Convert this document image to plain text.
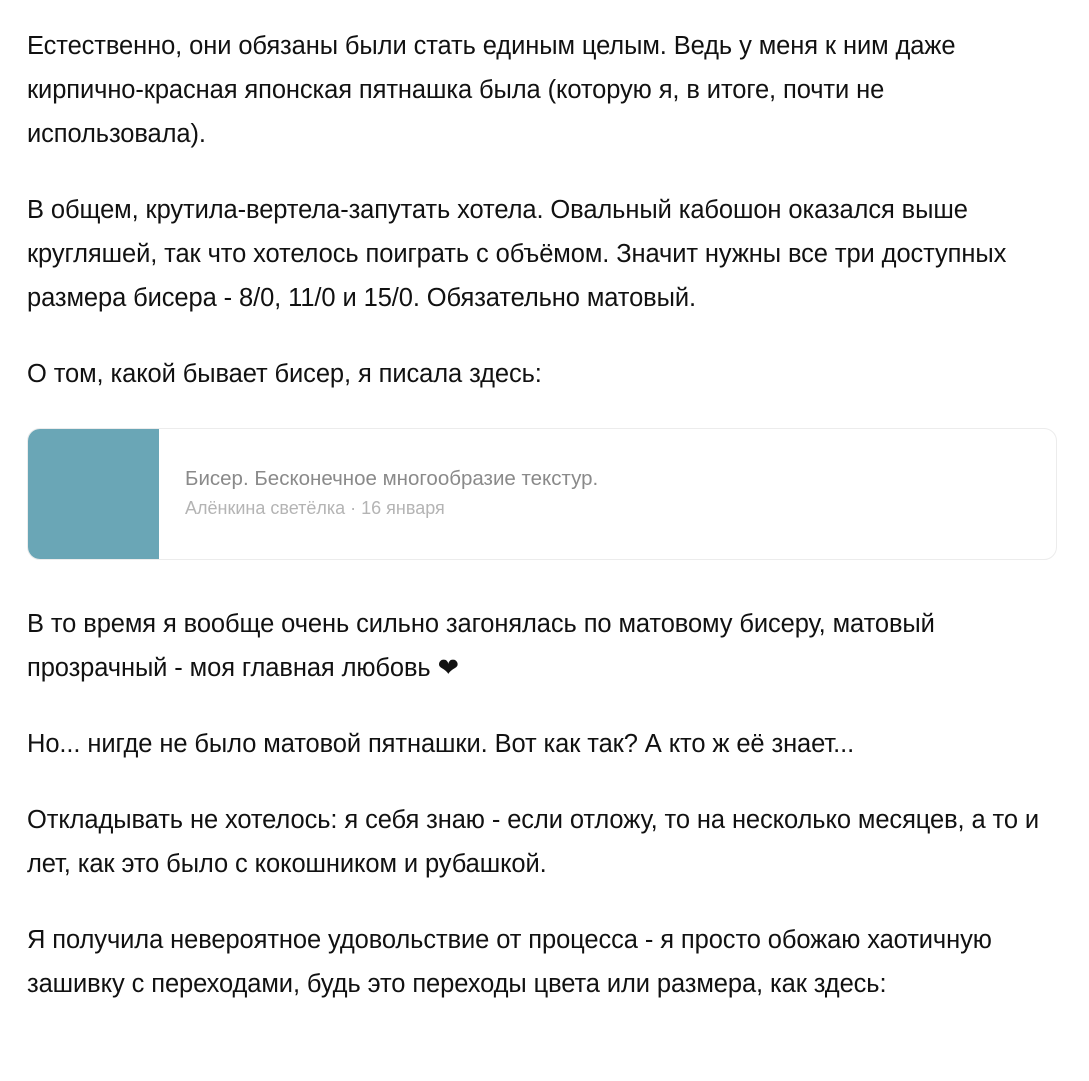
Естественно, они обязаны были стать единым целым. Ведь у меня к ним даже кирпично-красная японская пятнашка была (которую я, в итоге, почти не использовала).

В общем, крутила-вертела-запутать хотела. Овальный кабошон оказался выше кругляшей, так что хотелось поиграть с объёмом. Значит нужны все три доступных размера бисера - 8/0, 11/0 и 15/0. Обязательно матовый.

О том, какой бывает бисер, я писала здесь:

Бисер. Бесконечное многообразие текстур.
Алёнкина светёлка · 16 января

В то время я вообще очень сильно загонялась по матовому бисеру, матовый прозрачный - моя главная любовь ❤

Но... нигде не было матовой пятнашки. Вот как так? А кто ж её знает...

Откладывать не хотелось: я себя знаю - если отложу, то на несколько месяцев, а то и лет, как это было с кокошником и рубашкой.

Я получила невероятное удовольствие от процесса - я просто обожаю хаотичную зашивку с переходами, будь это переходы цвета или размера, как здесь:
